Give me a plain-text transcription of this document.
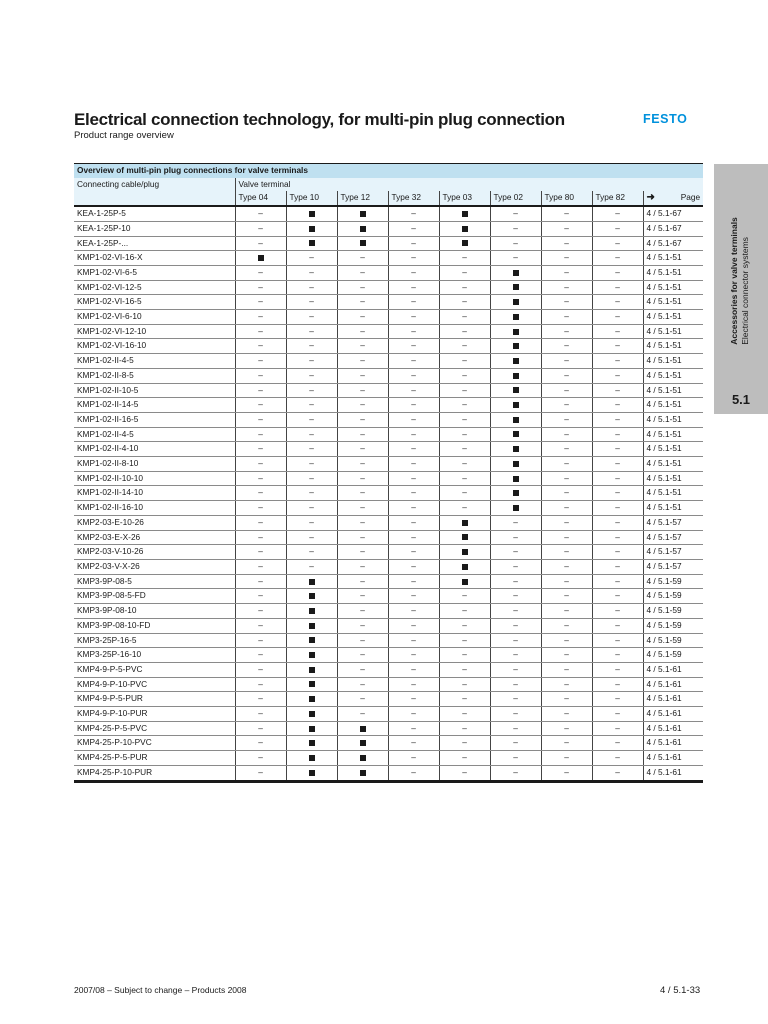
Electrical connection technology, for multi-pin plug connection
Product range overview
FESTO
Accessories for valve terminals Electrical connector systems
5.1
Overview of multi-pin plug connections for valve terminals									
Connecting cable/plug	Valve terminal								
	Type 04	Type 10	Type 12	Type 32	Type 03	Type 02	Type 80	Type 82	➜ Page

KEA-1-25P-5	–			–		–	–	–	4 / 5.1-67
KEA-1-25P-10	–			–		–	–	–	4 / 5.1-67
KEA-1-25P-...	–			–		–	–	–	4 / 5.1-67
KMP1-02-VI-16-X		–	–	–	–	–	–	–	4 / 5.1-51
KMP1-02-VI-6-5	–	–	–	–	–		–	–	4 / 5.1-51
KMP1-02-VI-12-5	–	–	–	–	–		–	–	4 / 5.1-51
KMP1-02-VI-16-5	–	–	–	–	–		–	–	4 / 5.1-51
KMP1-02-VI-6-10	–	–	–	–	–		–	–	4 / 5.1-51
KMP1-02-VI-12-10	–	–	–	–	–		–	–	4 / 5.1-51
KMP1-02-VI-16-10	–	–	–	–	–		–	–	4 / 5.1-51
KMP1-02-II-4-5	–	–	–	–	–		–	–	4 / 5.1-51
KMP1-02-II-8-5	–	–	–	–	–		–	–	4 / 5.1-51
KMP1-02-II-10-5	–	–	–	–	–		–	–	4 / 5.1-51
KMP1-02-II-14-5	–	–	–	–	–		–	–	4 / 5.1-51
KMP1-02-II-16-5	–	–	–	–	–		–	–	4 / 5.1-51
KMP1-02-II-4-5	–	–	–	–	–		–	–	4 / 5.1-51
KMP1-02-II-4-10	–	–	–	–	–		–	–	4 / 5.1-51
KMP1-02-II-8-10	–	–	–	–	–		–	–	4 / 5.1-51
KMP1-02-II-10-10	–	–	–	–	–		–	–	4 / 5.1-51
KMP1-02-II-14-10	–	–	–	–	–		–	–	4 / 5.1-51
KMP1-02-II-16-10	–	–	–	–	–		–	–	4 / 5.1-51
KMP2-03-E-10-26	–	–	–	–		–	–	–	4 / 5.1-57
KMP2-03-E-X-26	–	–	–	–		–	–	–	4 / 5.1-57
KMP2-03-V-10-26	–	–	–	–		–	–	–	4 / 5.1-57
KMP2-03-V-X-26	–	–	–	–		–	–	–	4 / 5.1-57
KMP3-9P-08-5	–		–	–		–	–	–	4 / 5.1-59
KMP3-9P-08-5-FD	–		–	–	–	–	–	–	4 / 5.1-59
KMP3-9P-08-10	–		–	–	–	–	–	–	4 / 5.1-59
KMP3-9P-08-10-FD	–		–	–	–	–	–	–	4 / 5.1-59
KMP3-25P-16-5	–		–	–	–	–	–	–	4 / 5.1-59
KMP3-25P-16-10	–		–	–	–	–	–	–	4 / 5.1-59
KMP4-9-P-5-PVC	–		–	–	–	–	–	–	4 / 5.1-61
KMP4-9-P-10-PVC	–		–	–	–	–	–	–	4 / 5.1-61
KMP4-9-P-5-PUR	–		–	–	–	–	–	–	4 / 5.1-61
KMP4-9-P-10-PUR	–		–	–	–	–	–	–	4 / 5.1-61
KMP4-25-P-5-PVC	–			–	–	–	–	–	4 / 5.1-61
KMP4-25-P-10-PVC	–			–	–	–	–	–	4 / 5.1-61
KMP4-25-P-5-PUR	–			–	–	–	–	–	4 / 5.1-61
KMP4-25-P-10-PUR	–			–	–	–	–	–	4 / 5.1-61
2007/08 – Subject to change – Products 2008	4 / 5.1-33
